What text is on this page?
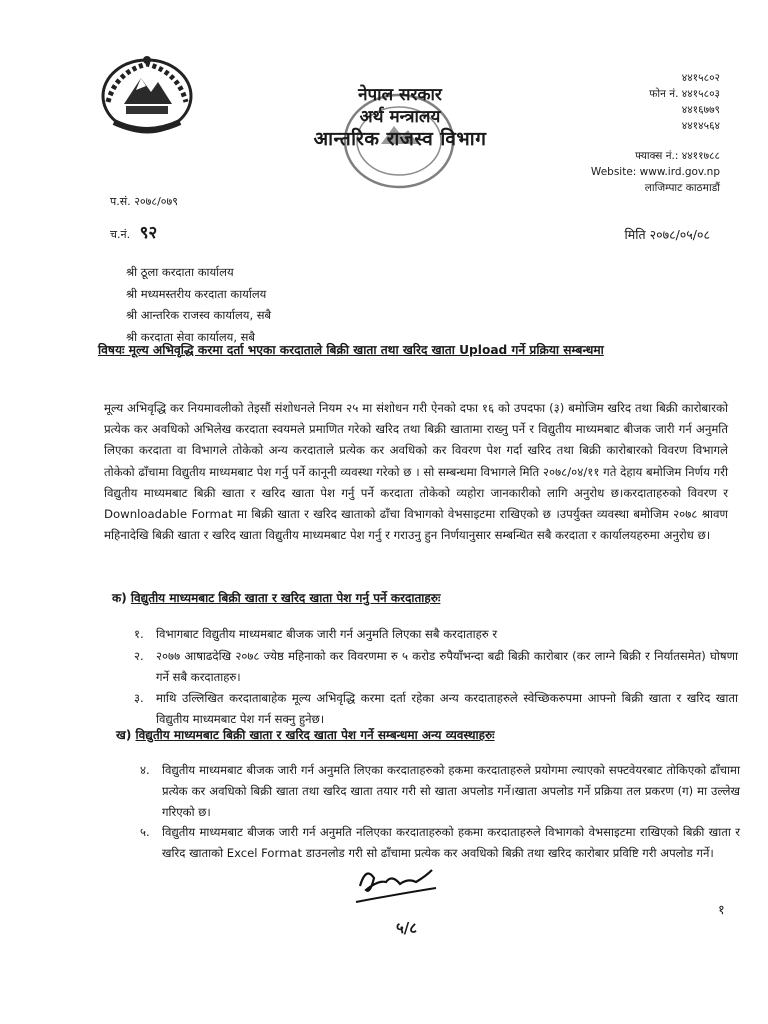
नेपाल सरकार
अर्थ मन्त्रालय
आन्तरिक राजस्व विभाग
४४१५८०२
फोन नं. ४४१५८०३
४४१६७७९
४४१४५६४
फ्याक्स नं.: ४४११७८८
Website: www.ird.gov.np
लाजिम्पाट काठमाडौं
प.सं. २०७८/०७९
च.नं. ९२	मिति २०७८/०५/०८
श्री ठूला करदाता कार्यालय
श्री मध्यमस्तरीय करदाता कार्यालय
श्री आन्तरिक राजस्व कार्यालय, सबै
श्री करदाता सेवा कार्यालय, सबै
विषयः मूल्य अभिवृद्धि करमा दर्ता भएका करदाताले बिक्री खाता तथा खरिद खाता Upload गर्ने प्रक्रिया सम्बन्धमा
मूल्य अभिवृद्धि कर नियमावलीको तेइसौं संशोधनले नियम २५ मा संशोधन गरी ऐनको दफा १६ को उपदफा (३) बमोजिम खरिद तथा बिक्री कारोबारको प्रत्येक कर अवधिको अभिलेख करदाता स्वयमले प्रमाणित गरेको खरिद तथा बिक्री खातामा राख्नु पर्ने र विद्युतीय माध्यमबाट बीजक जारी गर्न अनुमति लिएका करदाता वा विभागले तोकेको अन्य करदाताले प्रत्येक कर अवधिको कर विवरण पेश गर्दा खरिद तथा बिक्री कारोबारको विवरण विभागले तोकेको ढाँचामा विद्युतीय माध्यमबाट पेश गर्नु पर्ने कानूनी व्यवस्था गरेको छ । सो सम्बन्धमा विभागले मिति २०७८/०४/११ गते देहाय बमोजिम निर्णय गरी विद्युतीय माध्यमबाट बिक्री खाता र खरिद खाता पेश गर्नु पर्ने करदाता तोकेको व्यहोरा जानकारीको लागि अनुरोध छ।करदाताहरुको विवरण र Downloadable Format मा बिक्री खाता र खरिद खाताको ढाँचा विभागको वेभसाइटमा राखिएको छ ।उपर्युक्त व्यवस्था बमोजिम २०७८ श्रावण महिनादेखि बिक्री खाता र खरिद खाता विद्युतीय माध्यमबाट पेश गर्नु र गराउनु हुन निर्णयानुसार सम्बन्धित सबै करदाता र कार्यालयहरुमा अनुरोध छ।
क) विद्युतीय माध्यमबाट बिक्री खाता र खरिद खाता पेश गर्नु पर्ने करदाताहरुः
१.	विभागबाट विद्युतीय माध्यमबाट बीजक जारी गर्न अनुमति लिएका सबै करदाताहरु र
२.	२०७७ आषाढदेखि २०७८ ज्येष्ठ महिनाको कर विवरणमा रु ५ करोड रुपैयाँभन्दा बढी बिक्री कारोबार (कर लाग्ने बिक्री र निर्यातसमेत) घोषणा गर्ने सबै करदाताहरु।
३.	माथि उल्लिखित करदाताबाहेक मूल्य अभिवृद्धि करमा दर्ता रहेका अन्य करदाताहरुले स्वेच्छिकरुपमा आफ्नो बिक्री खाता र खरिद खाता विद्युतीय माध्यमबाट पेश गर्न सक्नु हुनेछ।
ख) विद्युतीय माध्यमबाट बिक्री खाता र खरिद खाता पेश गर्ने सम्बन्धमा अन्य व्यवस्थाहरुः
४.	विद्युतीय माध्यमबाट बीजक जारी गर्न अनुमति लिएका करदाताहरुको हकमा करदाताहरुले प्रयोगमा ल्याएको सफ्टवेयरबाट तोकिएको ढाँचामा प्रत्येक कर अवधिको बिक्री खाता तथा खरिद खाता तयार गरी सो खाता अपलोड गर्ने।खाता अपलोड गर्ने प्रक्रिया तल प्रकरण (ग) मा उल्लेख गरिएको छ।
५.	विद्युतीय माध्यमबाट बीजक जारी गर्न अनुमति नलिएका करदाताहरुको हकमा करदाताहरुले विभागको वेभसाइटमा राखिएको बिक्री खाता र खरिद खाताको Excel Format डाउनलोड गरी सो ढाँचामा प्रत्येक कर अवधिको बिक्री तथा खरिद कारोबार प्रविष्टि गरी अपलोड गर्ने।
५/८
१
